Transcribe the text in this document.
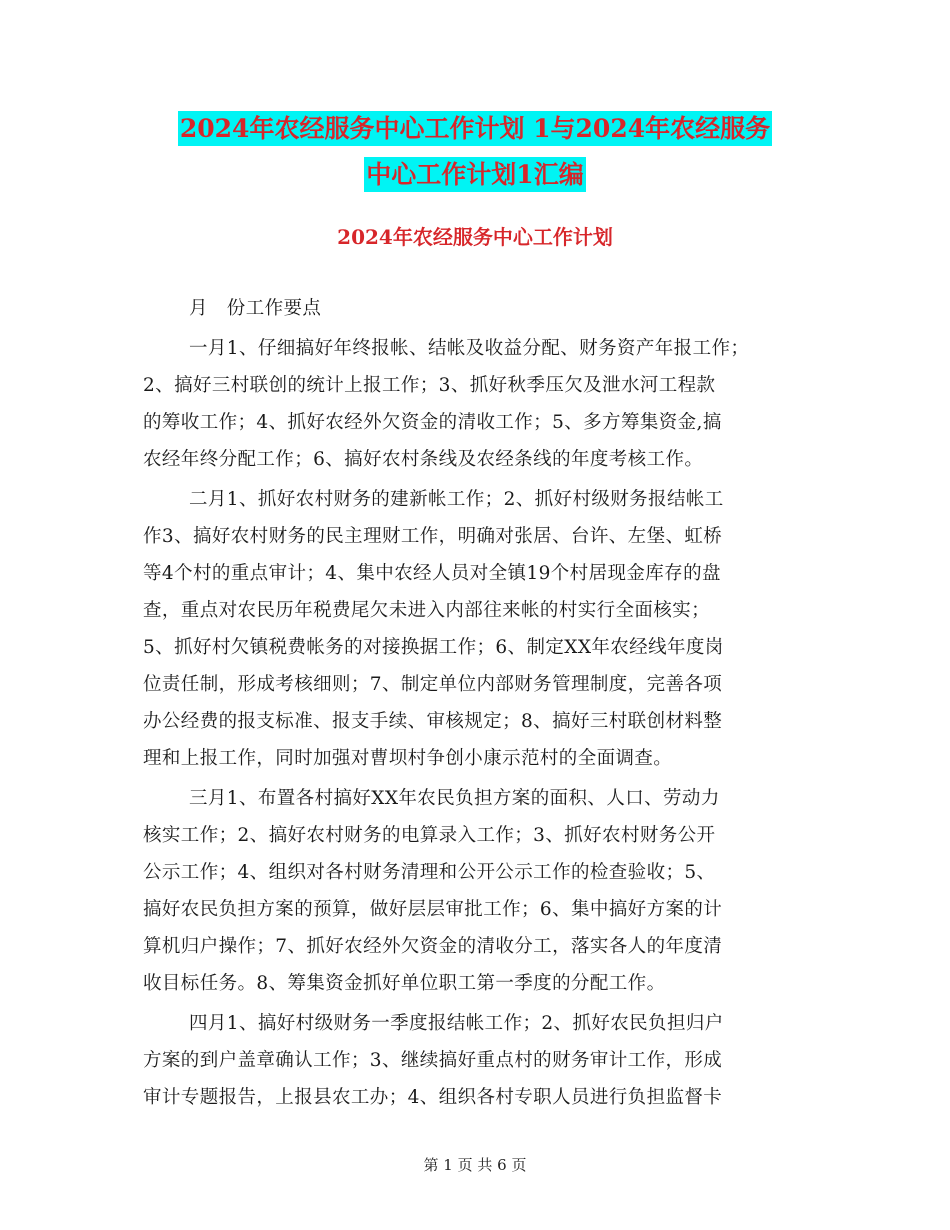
2024年农经服务中心工作计划 1与2024年农经服务
中心工作计划1汇编
2024年农经服务中心工作计划
月　份工作要点
一月1、仔细搞好年终报帐、结帐及收益分配、财务资产年报工作；
2、搞好三村联创的统计上报工作；3、抓好秋季压欠及泄水河工程款
的筹收工作；4、抓好农经外欠资金的清收工作；5、多方筹集资金,搞
农经年终分配工作；6、搞好农村条线及农经条线的年度考核工作。
二月1、抓好农村财务的建新帐工作；2、抓好村级财务报结帐工
作3、搞好农村财务的民主理财工作，明确对张居、台许、左堡、虹桥
等4个村的重点审计；4、集中农经人员对全镇19个村居现金库存的盘
查，重点对农民历年税费尾欠未进入内部往来帐的村实行全面核实；
5、抓好村欠镇税费帐务的对接换据工作；6、制定XX年农经线年度岗
位责任制，形成考核细则；7、制定单位内部财务管理制度，完善各项
办公经费的报支标准、报支手续、审核规定；8、搞好三村联创材料整
理和上报工作，同时加强对曹坝村争创小康示范村的全面调查。
三月1、布置各村搞好XX年农民负担方案的面积、人口、劳动力
核实工作；2、搞好农村财务的电算录入工作；3、抓好农村财务公开
公示工作；4、组织对各村财务清理和公开公示工作的检查验收；5、
搞好农民负担方案的预算，做好层层审批工作；6、集中搞好方案的计
算机归户操作；7、抓好农经外欠资金的清收分工，落实各人的年度清
收目标任务。8、筹集资金抓好单位职工第一季度的分配工作。
四月1、搞好村级财务一季度报结帐工作；2、抓好农民负担归户
方案的到户盖章确认工作；3、继续搞好重点村的财务审计工作，形成
审计专题报告，上报县农工办；4、组织各村专职人员进行负担监督卡
第 1 页 共 6 页
